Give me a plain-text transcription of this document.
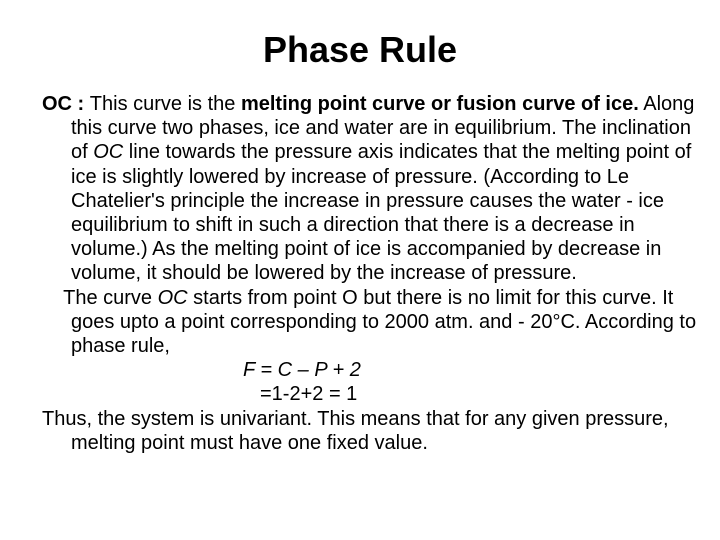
Phase Rule
OC : This curve is the melting point curve or fusion curve of ice. Along this curve two phases, ice and water are in equilibrium. The inclination of OC line towards the pressure axis indicates that the melting point of ice is slightly lowered by increase of pressure. (According to Le Chatelier's principle the increase in pressure causes the water - ice equilibrium to shift in such a direction that there is a decrease in volume.) As the melting point of ice is accompanied by decrease in volume, it should be lowered by the increase of pressure.
The curve OC starts from point O but there is no limit for this curve. It goes upto a point corresponding to 2000 atm. and - 20°C. According to phase rule,
F = C – P + 2
=1-2+2 = 1
Thus, the system is univariant. This means that for any given pressure, melting point must have one fixed value.
